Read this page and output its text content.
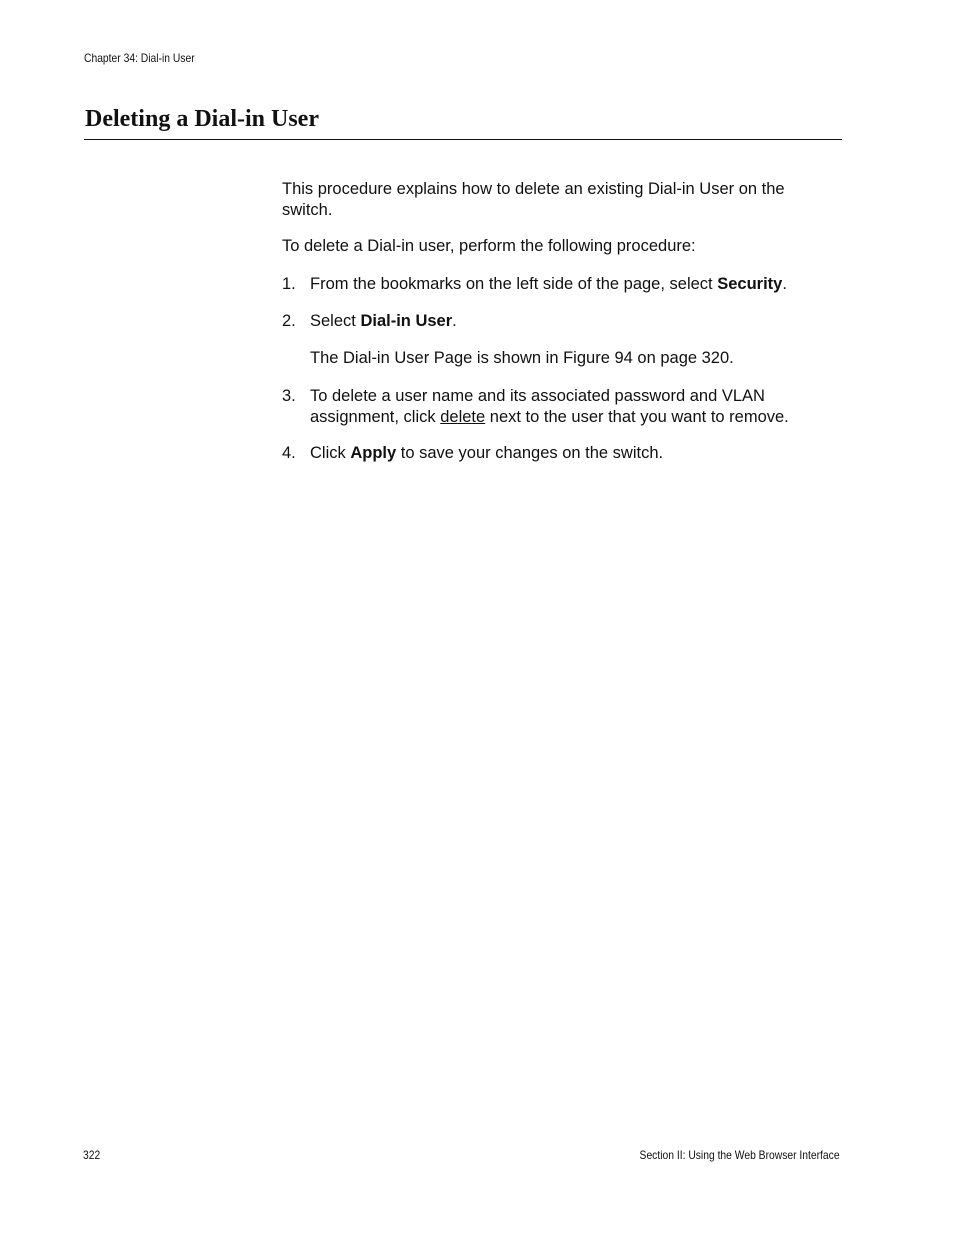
Chapter 34: Dial-in User
Deleting a Dial-in User

This procedure explains how to delete an existing Dial-in User on the switch.

To delete a Dial-in user, perform the following procedure:

1. From the bookmarks on the left side of the page, select Security.
2. Select Dial-in User.
The Dial-in User Page is shown in Figure 94 on page 320.
3. To delete a user name and its associated password and VLAN assignment, click delete next to the user that you want to remove.
4. Click Apply to save your changes on the switch.
322	Section II: Using the Web Browser Interface
